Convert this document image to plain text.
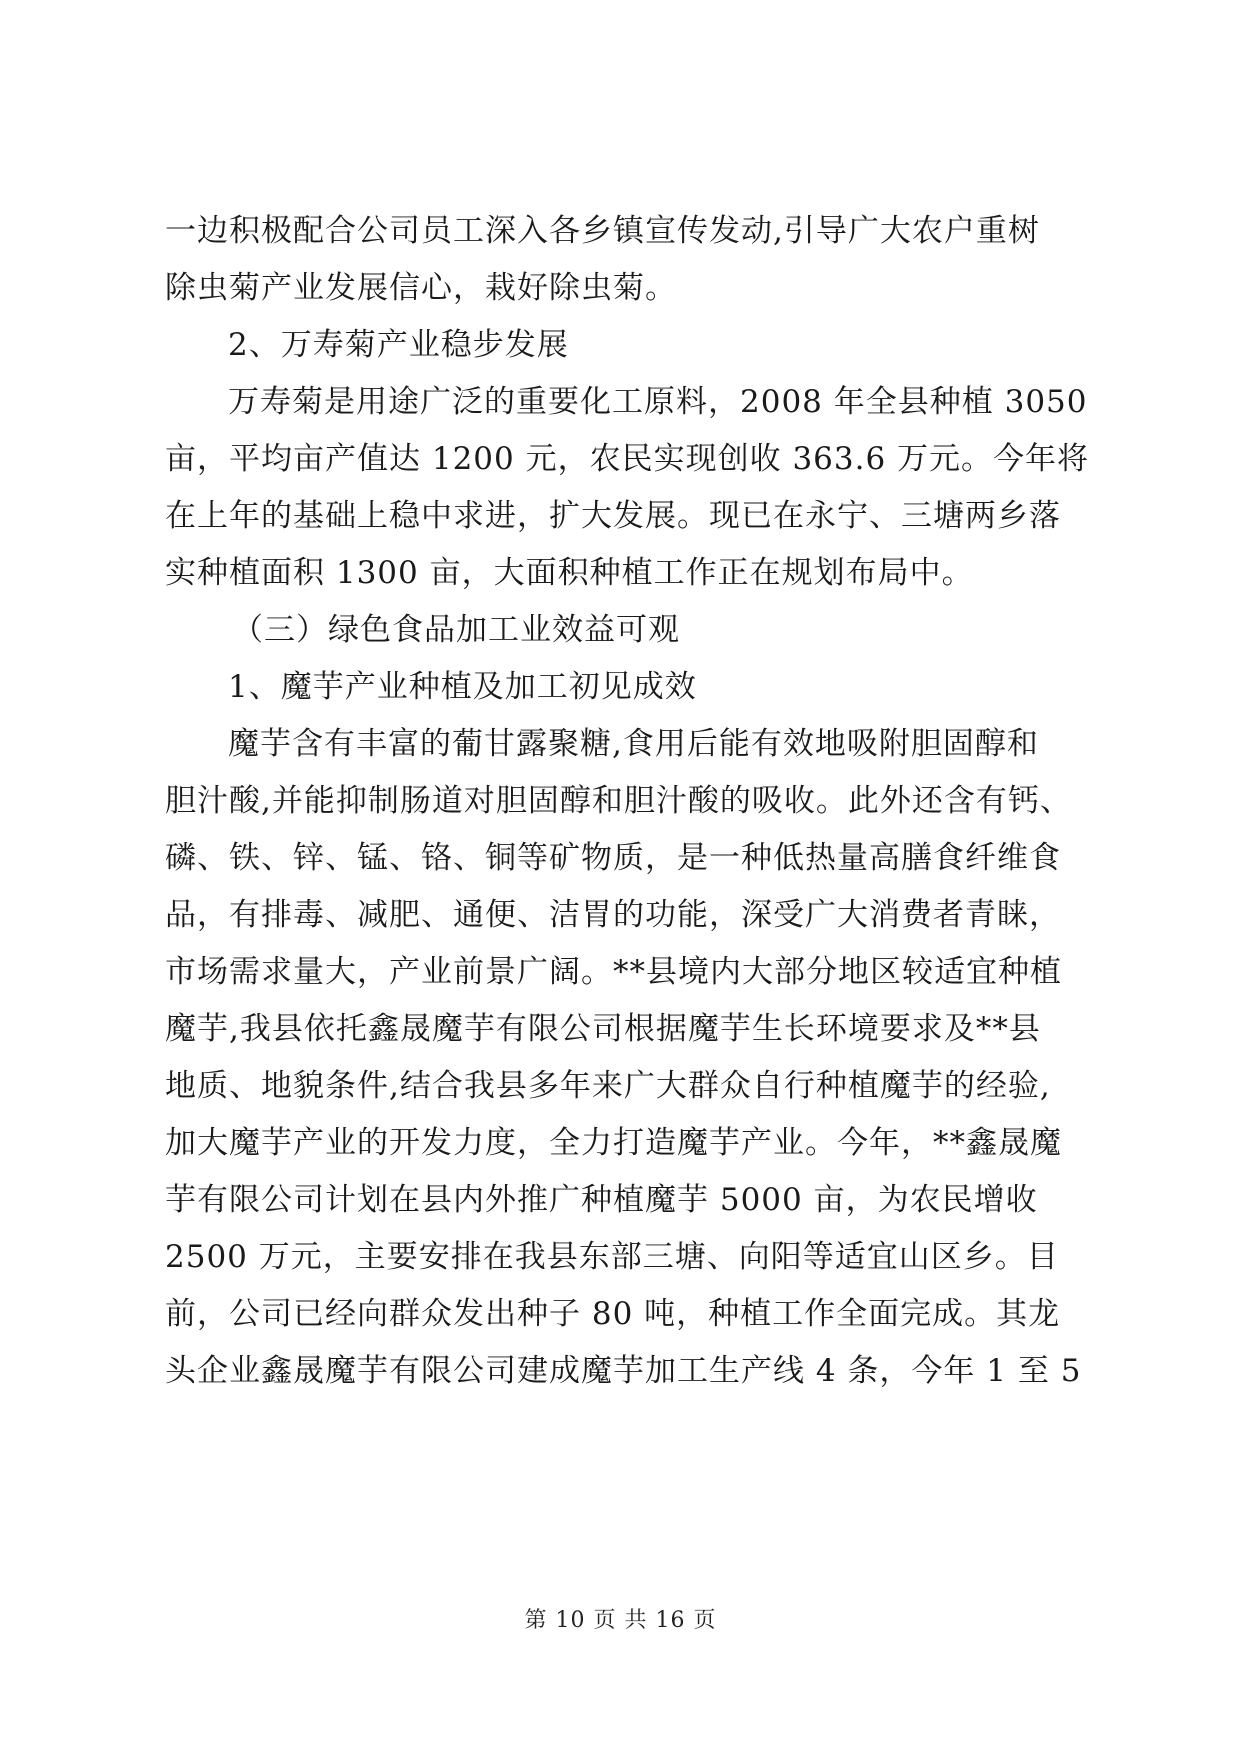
一边积极配合公司员工深入各乡镇宣传发动,引导广大农户重树
除虫菊产业发展信心，栽好除虫菊。
2、万寿菊产业稳步发展
万寿菊是用途广泛的重要化工原料，2008 年全县种植 3050
亩，平均亩产值达 1200 元，农民实现创收 363.6 万元。今年将
在上年的基础上稳中求进，扩大发展。现已在永宁、三塘两乡落
实种植面积 1300 亩，大面积种植工作正在规划布局中。
（三）绿色食品加工业效益可观
1、魔芋产业种植及加工初见成效
魔芋含有丰富的葡甘露聚糖,食用后能有效地吸附胆固醇和
胆汁酸,并能抑制肠道对胆固醇和胆汁酸的吸收。此外还含有钙、
磷、铁、锌、锰、铬、铜等矿物质，是一种低热量高膳食纤维食
品，有排毒、减肥、通便、洁胃的功能，深受广大消费者青睐，
市场需求量大，产业前景广阔。**县境内大部分地区较适宜种植
魔芋,我县依托鑫晟魔芋有限公司根据魔芋生长环境要求及**县
地质、地貌条件,结合我县多年来广大群众自行种植魔芋的经验,
加大魔芋产业的开发力度，全力打造魔芋产业。今年，**鑫晟魔
芋有限公司计划在县内外推广种植魔芋 5000 亩，为农民增收
2500 万元，主要安排在我县东部三塘、向阳等适宜山区乡。目
前，公司已经向群众发出种子 80 吨，种植工作全面完成。其龙
头企业鑫晟魔芋有限公司建成魔芋加工生产线 4 条，今年 1 至 5
第 10 页 共 16 页
